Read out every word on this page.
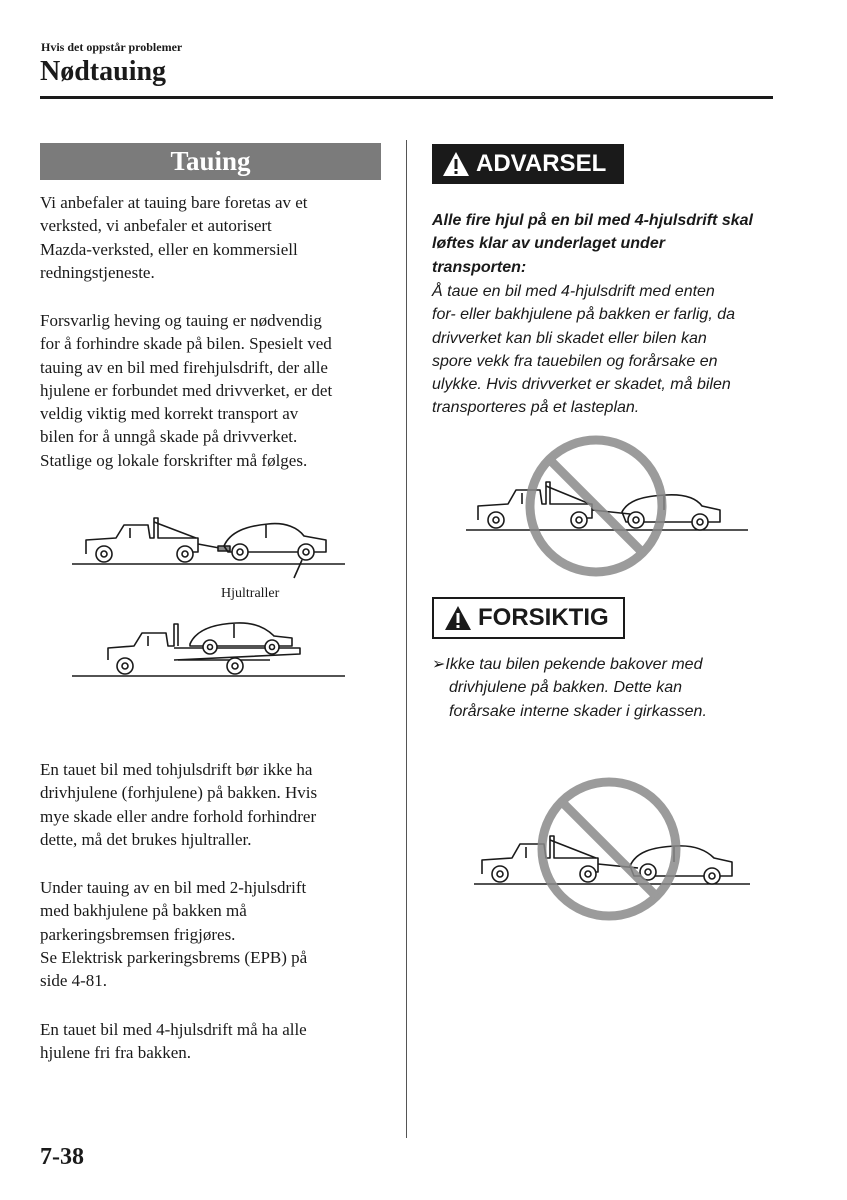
Hvis det oppstår problemer
Nødtauing
Tauing

Vi anbefaler at tauing bare foretas av et
verksted, vi anbefaler et autorisert
Mazda-verksted, eller en kommersiell
redningstjeneste.

Forsvarlig heving og tauing er nødvendig
for å forhindre skade på bilen. Spesielt ved
tauing av en bil med firehjulsdrift, der alle
hjulene er forbundet med drivverket, er det
veldig viktig med korrekt transport av
bilen for å unngå skade på drivverket.
Statlige og lokale forskrifter må følges.

Hjultraller

En tauet bil med tohjulsdrift bør ikke ha
drivhjulene (forhjulene) på bakken. Hvis
mye skade eller andre forhold forhindrer
dette, må det brukes hjultraller.

Under tauing av en bil med 2-hjulsdrift
med bakhjulene på bakken må
parkeringsbremsen frigjøres.
Se Elektrisk parkeringsbrems (EPB) på
side 4-81.

En tauet bil med 4-hjulsdrift må ha alle
hjulene fri fra bakken.

ADVARSEL

Alle fire hjul på en bil med 4-hjulsdrift skal
løftes klar av underlaget under
transporten:

Å taue en bil med 4-hjulsdrift med enten
for- eller bakhjulene på bakken er farlig, da
drivverket kan bli skadet eller bilen kan
spore vekk fra tauebilen og forårsake en
ulykke. Hvis drivverket er skadet, må bilen
transporteres på et lasteplan.

FORSIKTIG

➢Ikke tau bilen pekende bakover med
drivhjulene på bakken. Dette kan
forårsake interne skader i girkassen.

7-38
